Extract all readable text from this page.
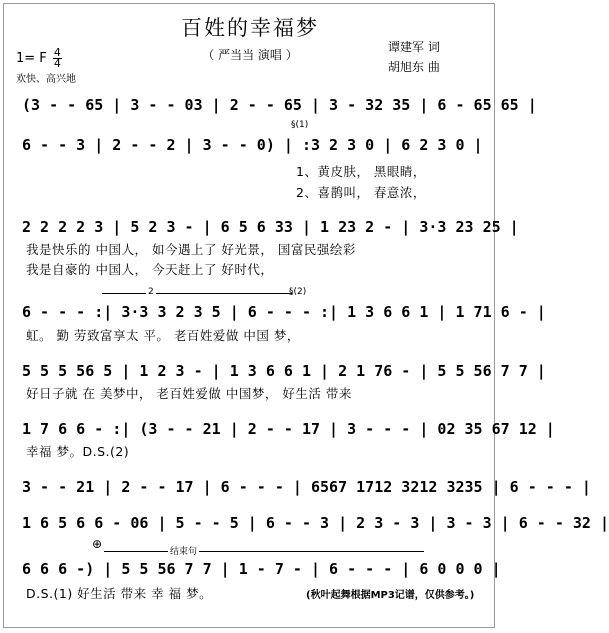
百姓的幸福梦
（ 严当当 演唱 ）
谭建军 词
胡旭东 曲
1= F $\frac{4}{4}$
欢快、高兴地
(3 - - 65 | 3 - - 03 | 2 - - 65 | 3 - 32 35 | 6 - 65 65 |
6 - - 3 | 2 - - 2 | 3 - - 0) | :3 2 3 0 | 6 2 3 0 |
§(1)
1、黄皮肤， 黑眼睛，
2、喜鹊叫， 春意浓，
2 2 2 2 3 | 5 2 3 - | 6 5 6 33 | 1 23 2 - | 3·3 23 25 |
我是快乐的 中国人， 如今遇上了 好光景， 国富民强绘彩
我是自豪的 中国人， 今天赶上了 好时代，
2	§(2)
6 - - - :| 3·3 3 2 3 5 | 6 - - - :| 1 3 6 6 1 | 1 71 6 - |
虹。 勤 劳致富享太 平。 老百姓爱做 中国 梦，
5 5 5 56 5 | 1 2 3 - | 1 3 6 6 1 | 2 1 76 - | 5 5 56 7 7 |
好日子就 在 美梦中， 老百姓爱做 中国梦， 好生活 带来
1 7 6 6 - :| (3 - - 21 | 2 - - 17 | 3 - - - | 02 35 67 12 |
幸福 梦。D.S.(2)
3 - - 21 | 2 - - 17 | 6 - - - | 6567 1712 3212 3235 | 6 - - - |
1 6 5 6 6 - 06 | 5 - - 5 | 6 - - 3 | 2 3 - 3 | 3 - 3 | 6 - - 32 |
⊕
结束句
6 6 6 -) | 5 5 56 7 7 | 1 - 7 - | 6 - - - | 6 0 0 0 |
D.S.(1) 好生活 带来 幸 福 梦。	(秋叶起舞根据MP3记谱，仅供参考。)
